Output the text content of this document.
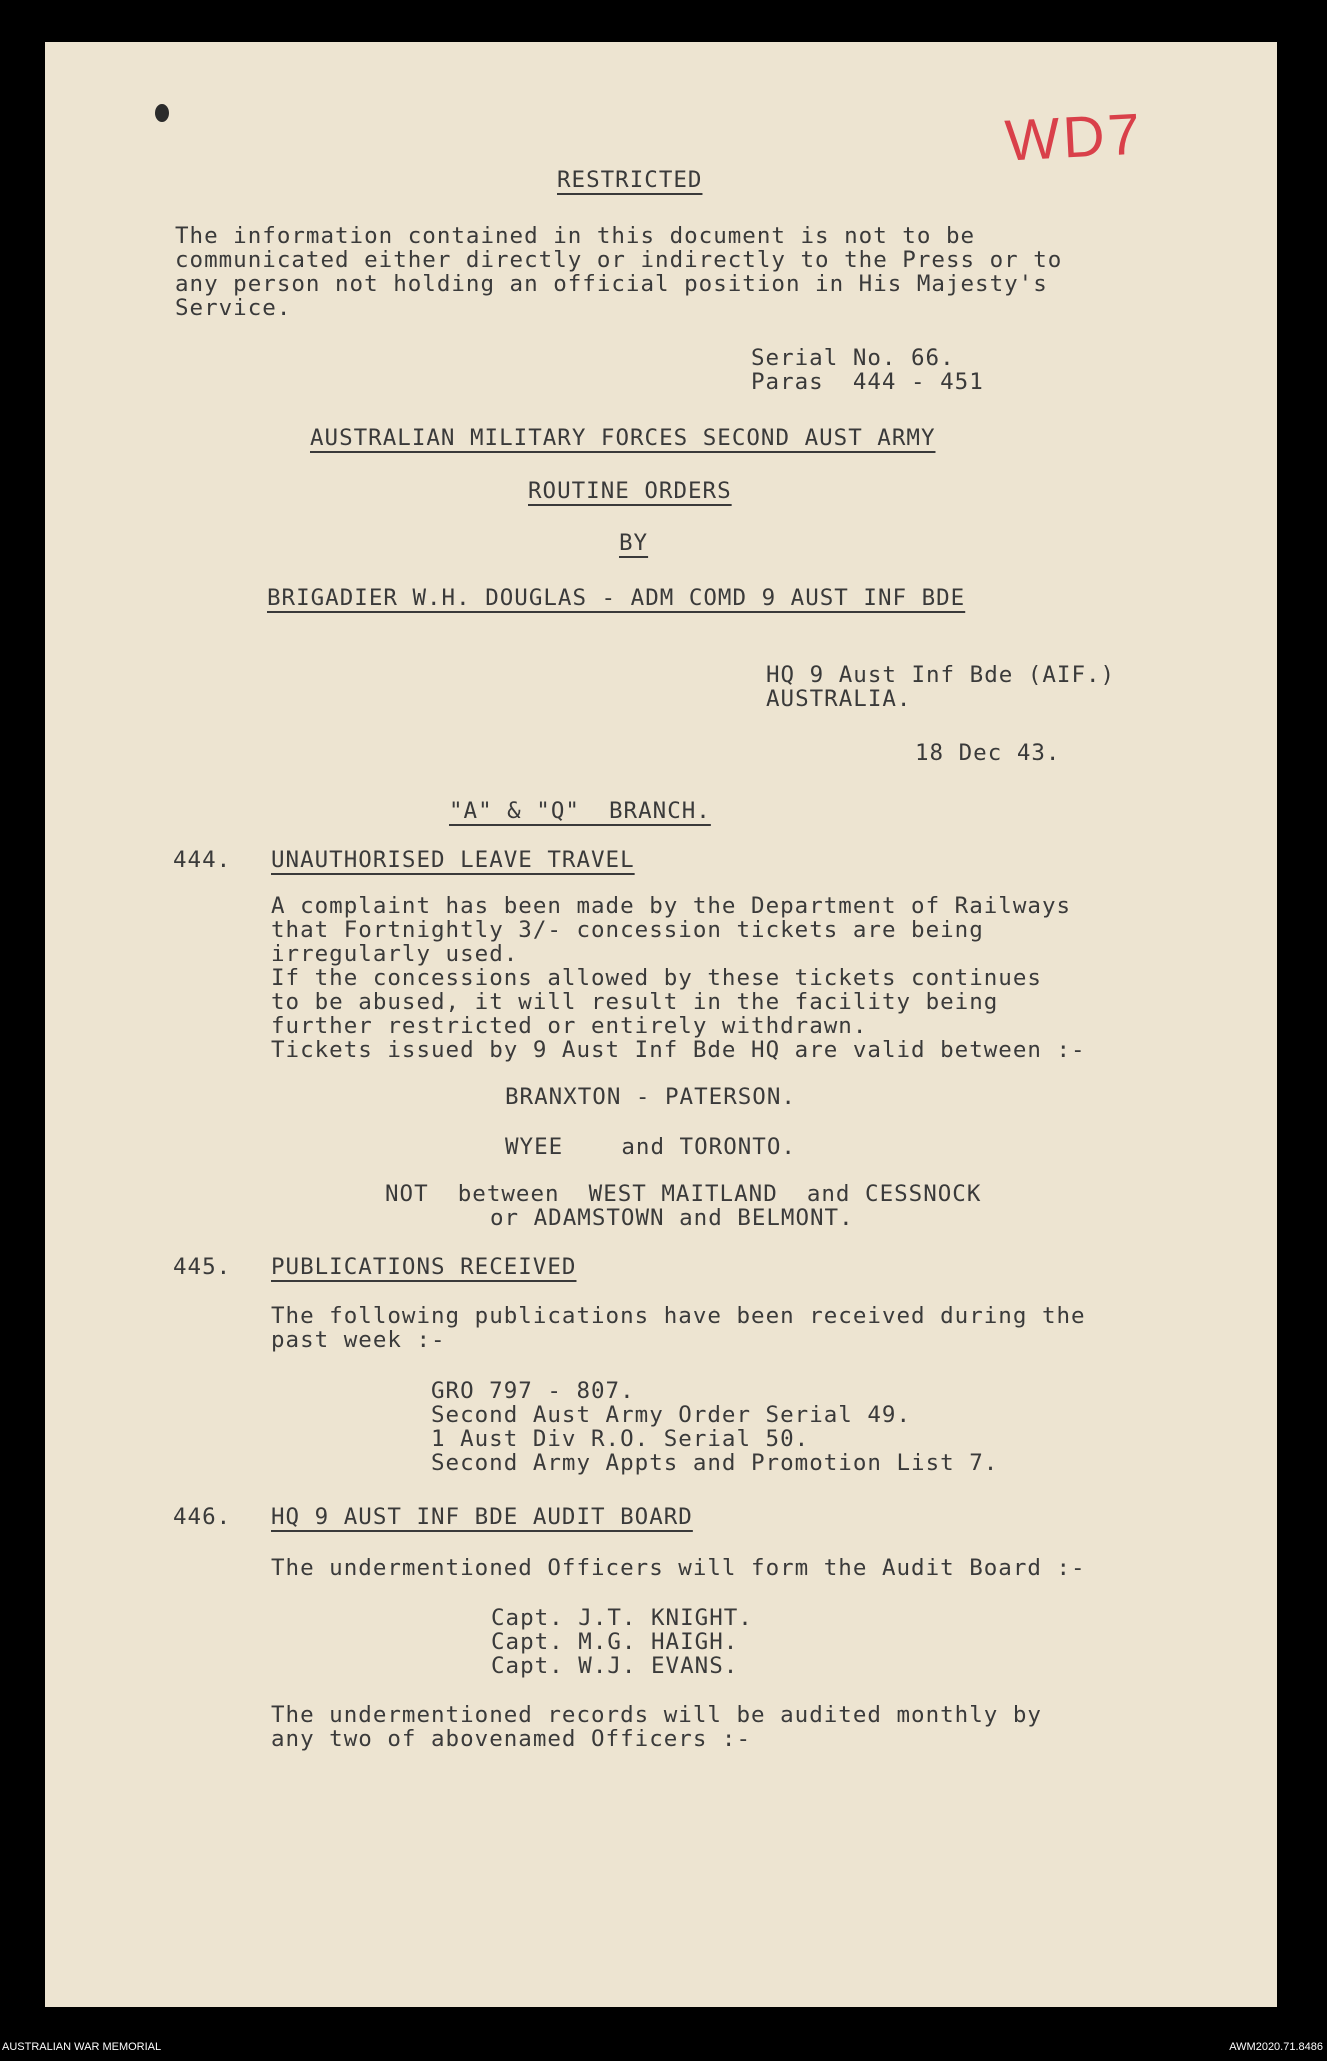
WD7
RESTRICTED
The information contained in this document is not to be
communicated either directly or indirectly to the Press or to
any person not holding an official position in His Majesty's
Service.
Serial No. 66.
Paras  444 - 451
AUSTRALIAN MILITARY FORCES SECOND AUST ARMY
ROUTINE ORDERS
BY
BRIGADIER W.H. DOUGLAS - ADM COMD 9 AUST INF BDE
HQ 9 Aust Inf Bde (AIF.)
AUSTRALIA.
18 Dec 43.
"A" & "Q"  BRANCH.
444. UNAUTHORISED LEAVE TRAVEL
A complaint has been made by the Department of Railways
that Fortnightly 3/- concession tickets are being
irregularly used.
If the concessions allowed by these tickets continues
to be abused, it will result in the facility being
further restricted or entirely withdrawn.
Tickets issued by 9 Aust Inf Bde HQ are valid between :-
BRANXTON - PATERSON.
WYEE    and TORONTO.
NOT  between  WEST MAITLAND  and CESSNOCK
or ADAMSTOWN and BELMONT.
445. PUBLICATIONS RECEIVED
The following publications have been received during the
past week :-
GRO 797 - 807.
Second Aust Army Order Serial 49.
1 Aust Div R.O. Serial 50.
Second Army Appts and Promotion List 7.
446. HQ 9 AUST INF BDE AUDIT BOARD
The undermentioned Officers will form the Audit Board :-
Capt. J.T. KNIGHT.
Capt. M.G. HAIGH.
Capt. W.J. EVANS.
The undermentioned records will be audited monthly by
any two of abovenamed Officers :-
AUSTRALIAN WAR MEMORIAL	AWM2020.71.8486
